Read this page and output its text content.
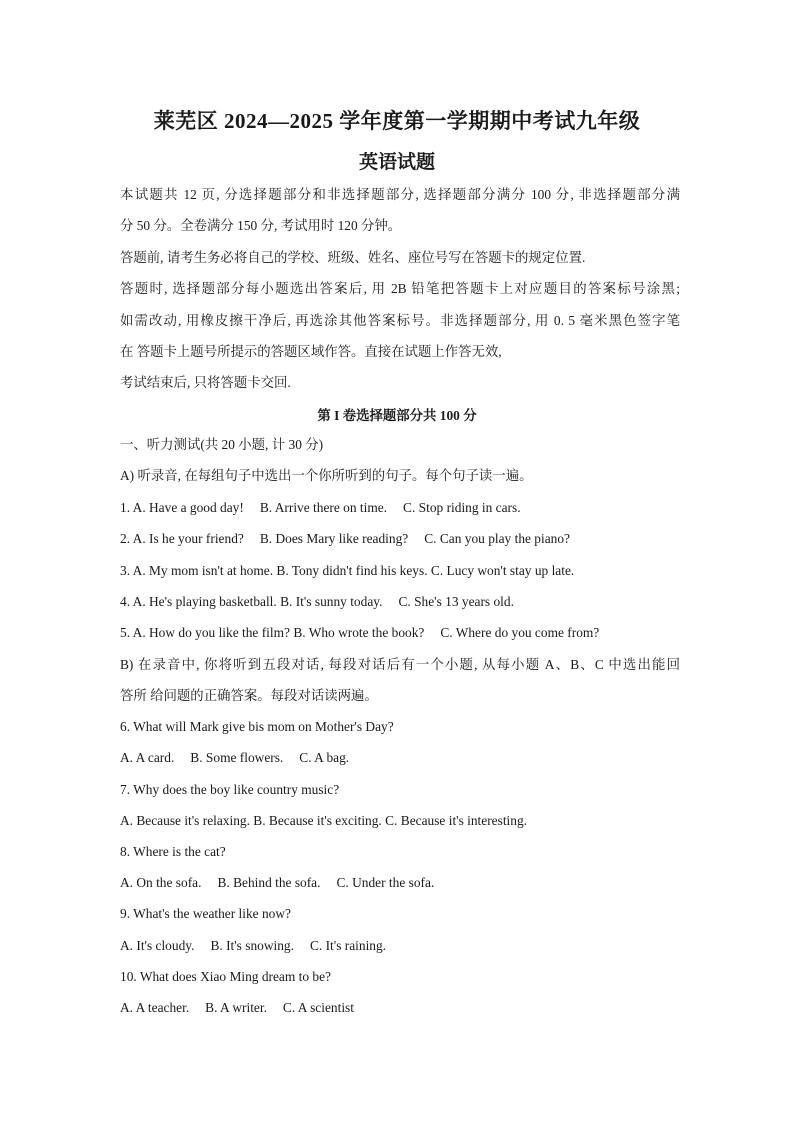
莱芜区 2024—2025 学年度第一学期期中考试九年级
英语试题
本试题共 12 页, 分选择题部分和非选择题部分, 选择题部分满分 100 分, 非选择题部分满
分 50 分。全卷满分 150 分, 考试用时 120 分钟。
答题前, 请考生务必将自己的学校、班级、姓名、座位号写在答题卡的规定位置.
答题时, 选择题部分每小题选出答案后, 用 2B 铅笔把答题卡上对应题目的答案标号涂黑;
如需改动, 用橡皮擦干净后, 再选涂其他答案标号。非选择题部分, 用 0. 5 毫米黑色签字笔
在 答题卡上题号所提示的答题区域作答。直接在试题上作答无效,
考试结束后, 只将答题卡交回.
第 I 卷选择题部分共 100 分
一、听力测试(共 20 小题, 计 30 分)
A) 听录音, 在每组句子中选出一个你所听到的句子。每个句子读一遍。
1. A. Have a good day! B. Arrive there on time. C. Stop riding in cars.
2. A. Is he your friend? B. Does Mary like reading? C. Can you play the piano?
3. A. My mom isn't at home. B. Tony didn't find his keys. C. Lucy won't stay up late.
4. A. He's playing basketball. B. It's sunny today. C. She's 13 years old.
5. A. How do you like the film? B. Who wrote the book? C. Where do you come from?
B) 在录音中, 你将听到五段对话, 每段对话后有一个小题, 从每小题 A、B、C 中选出能回
答所 给问题的正确答案。每段对话读两遍。
6. What will Mark give bis mom on Mother's Day?
A. A card. B. Some flowers. C. A bag.
7. Why does the boy like country music?
A. Because it's relaxing. B. Because it's exciting. C. Because it's interesting.
8. Where is the cat?
A. On the sofa. B. Behind the sofa. C. Under the sofa.
9. What's the weather like now?
A. It's cloudy. B. It's snowing. C. It's raining.
10. What does Xiao Ming dream to be?
A. A teacher. B. A writer. C. A scientist
